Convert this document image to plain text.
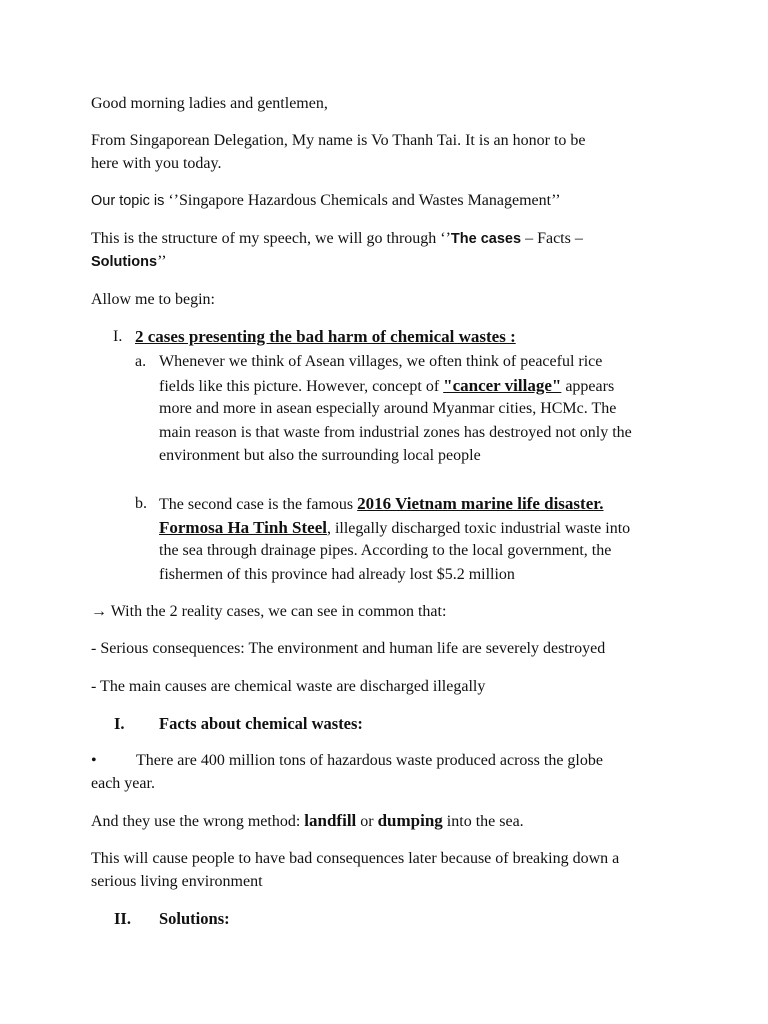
Good morning ladies and gentlemen,
From Singaporean Delegation, My name is Vo Thanh Tai. It is an honor to be
here with you today.
Our topic is ‘’Singapore Hazardous Chemicals and Wastes Management’’
This is the structure of my speech, we will go through ‘’The cases – Facts –
Solutions’’
Allow me to begin:
I. 2 cases presenting the bad harm of chemical wastes :
a. Whenever we think of Asean villages, we often think of peaceful rice
fields like this picture. However, concept of "cancer village" appears
more and more in asean especially around Myanmar cities, HCMc. The
main reason is that waste from industrial zones has destroyed not only the
environment but also the surrounding local people
b. The second case is the famous 2016 Vietnam marine life disaster.
Formosa Ha Tinh Steel, illegally discharged toxic industrial waste into
the sea through drainage pipes. According to the local government, the
fishermen of this province had already lost $5.2 million
→ With the 2 reality cases, we can see in common that:
- Serious consequences: The environment and human life are severely destroyed
- The main causes are chemical waste are discharged illegally
I. Facts about chemical wastes:
• There are 400 million tons of hazardous waste produced across the globe
each year.
And they use the wrong method: landfill or dumping into the sea.
This will cause people to have bad consequences later because of breaking down a
serious living environment
II. Solutions:
